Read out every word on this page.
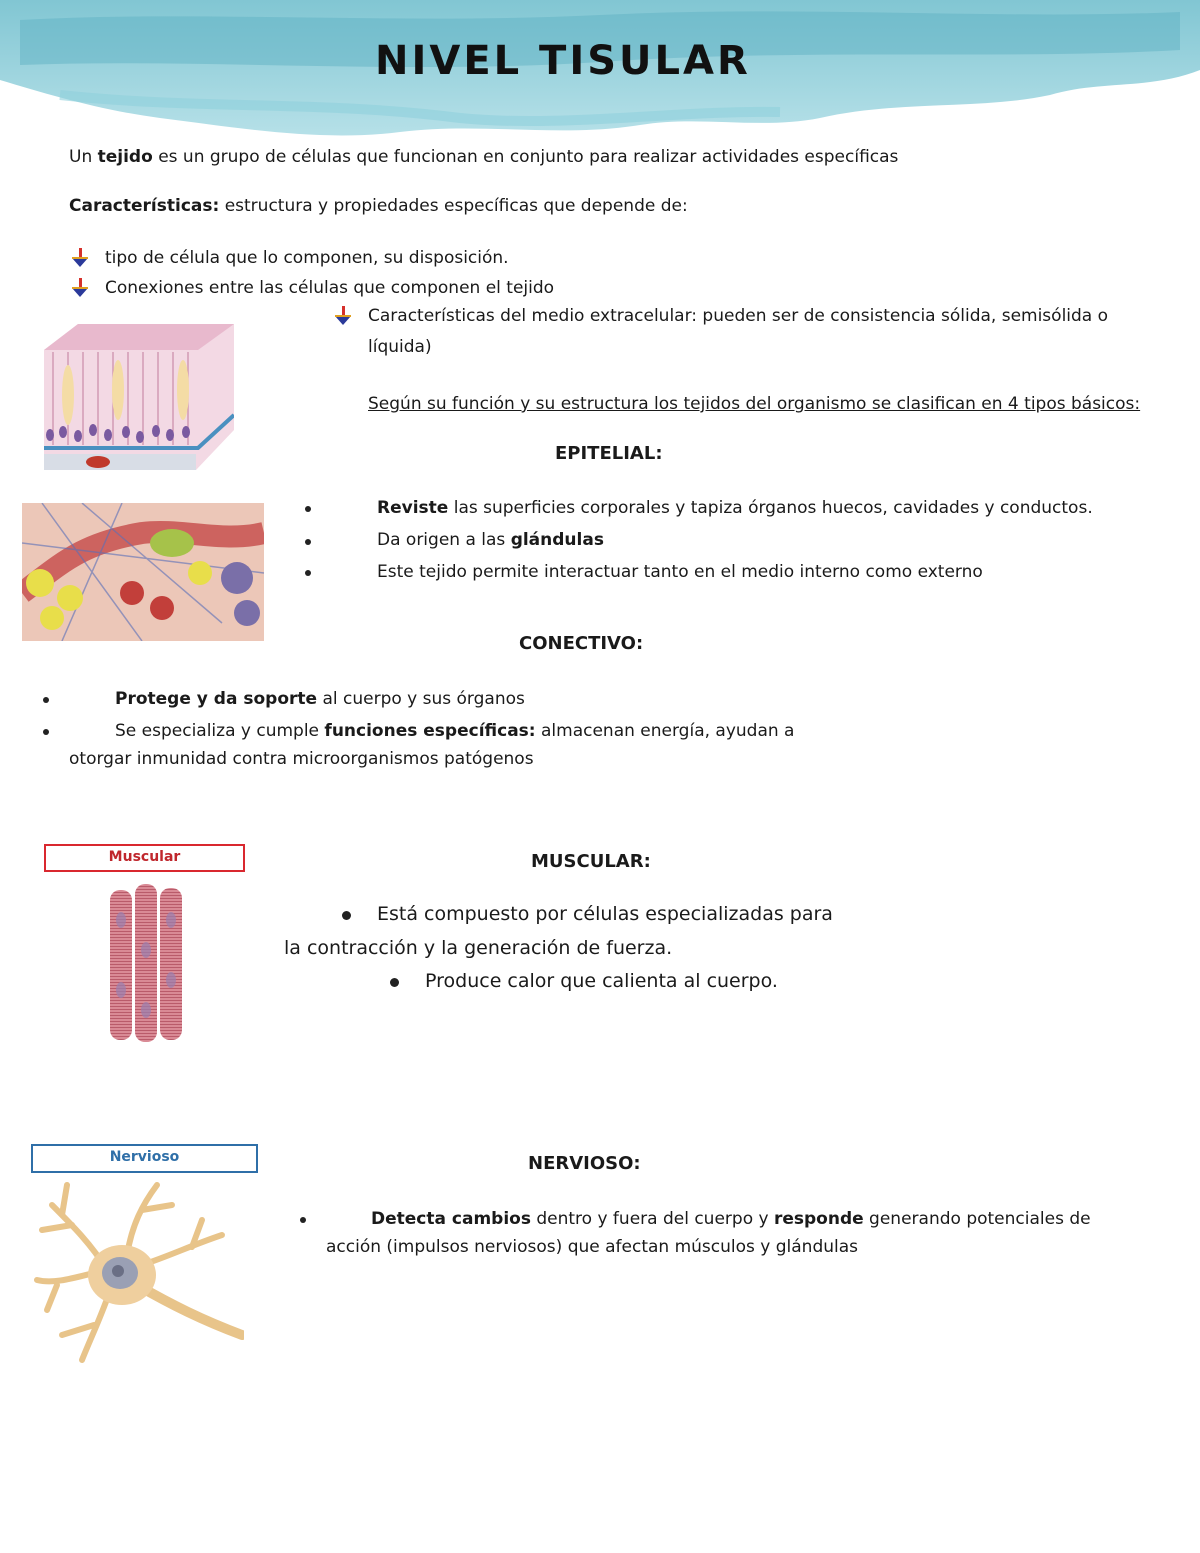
NIVEL TISULAR
Un tejido es un grupo de células que funcionan en conjunto para realizar actividades específicas
Características: estructura y propiedades específicas que depende de:
tipo de célula que lo componen, su disposición.
Conexiones entre las células que componen el tejido
Características del medio extracelular: pueden ser de consistencia sólida, semisólida o
líquida)
Según su función y su estructura los tejidos del organismo se clasifican en 4 tipos básicos:
EPITELIAL:
Reviste las superficies corporales y tapiza órganos huecos, cavidades y conductos.
Da origen a las glándulas
Este tejido permite interactuar tanto en el medio interno como externo
CONECTIVO:
Protege y da soporte al cuerpo y sus órganos
Se especializa y cumple funciones específicas: almacenan energía, ayudan a
otorgar inmunidad contra microorganismos patógenos
Muscular	MUSCULAR:
Está compuesto por células especializadas para
la contracción y la generación de fuerza.
Produce calor que calienta al cuerpo.
Nervioso	NERVIOSO:
Detecta cambios dentro y fuera del cuerpo y responde generando potenciales de
acción (impulsos nerviosos) que afectan músculos y glándulas
